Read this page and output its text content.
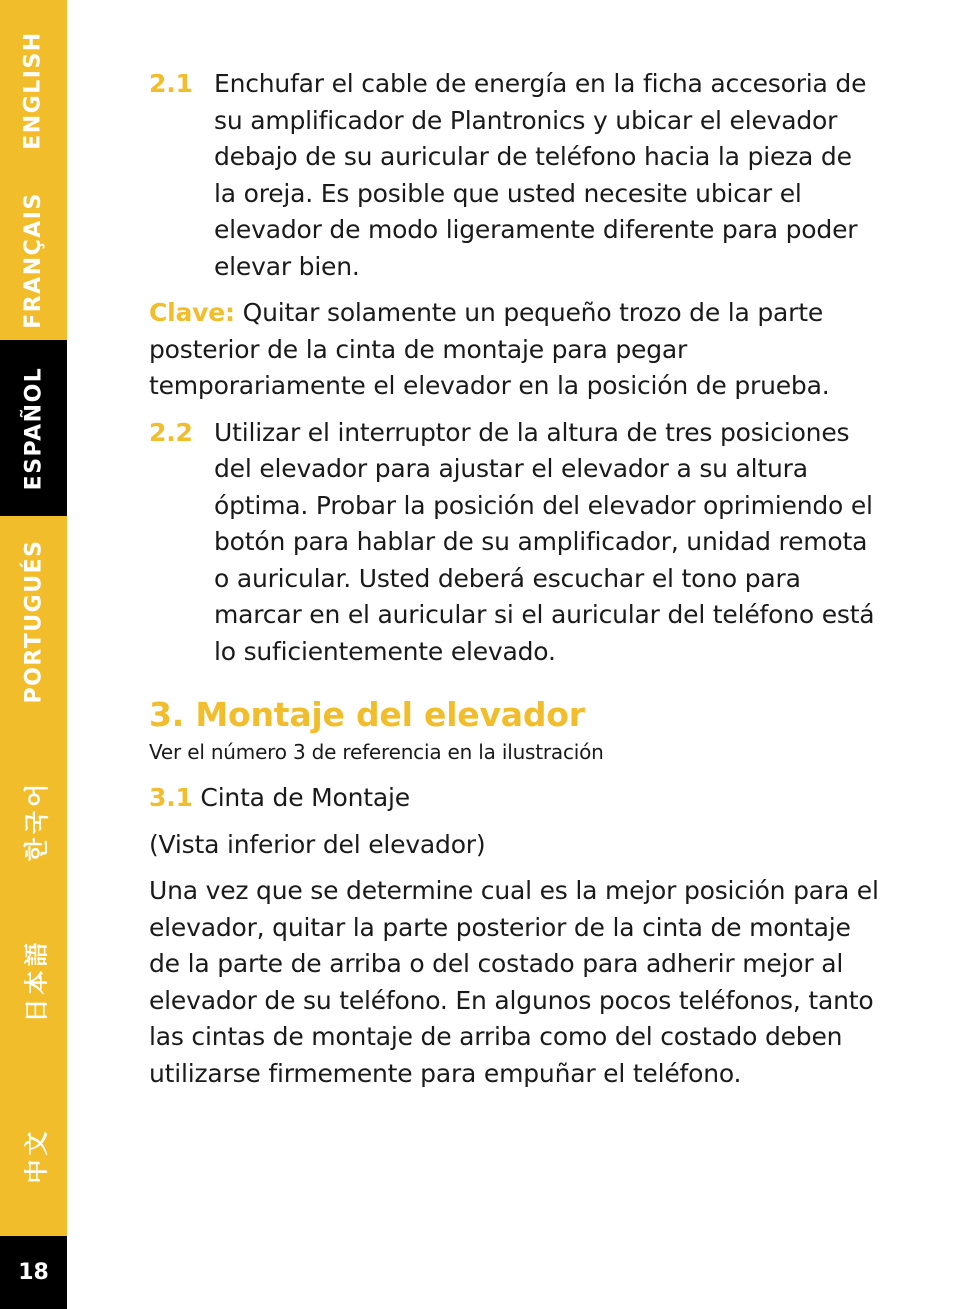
ENGLISH
FRANÇAIS
ESPAÑOL
PORTUGUÉS
한국어
日本語
中文
18
2.1 Enchufar el cable de energía en la ficha accesoria de su amplificador de Plantronics y ubicar el elevador debajo de su auricular de teléfono hacia la pieza de la oreja. Es posible que usted necesite ubicar el elevador de modo ligeramente diferente para poder elevar bien.

Clave: Quitar solamente un pequeño trozo de la parte posterior de la cinta de montaje para pegar temporariamente el elevador en la posición de prueba.

2.2 Utilizar el interruptor de la altura de tres posiciones del elevador para ajustar el elevador a su altura óptima. Probar la posición del elevador oprimiendo el botón para hablar de su amplificador, unidad remota o auricular. Usted deberá escuchar el tono para marcar en el auricular si el auricular del teléfono está lo suficientemente elevado.
3. Montaje del elevador
Ver el número 3 de referencia en la ilustración

3.1 Cinta de Montaje

(Vista inferior del elevador)

Una vez que se determine cual es la mejor posición para el elevador, quitar la parte posterior de la cinta de montaje de la parte de arriba o del costado para adherir mejor al elevador de su teléfono. En algunos pocos teléfonos, tanto las cintas de montaje de arriba como del costado deben utilizarse firmemente para empuñar el teléfono.
